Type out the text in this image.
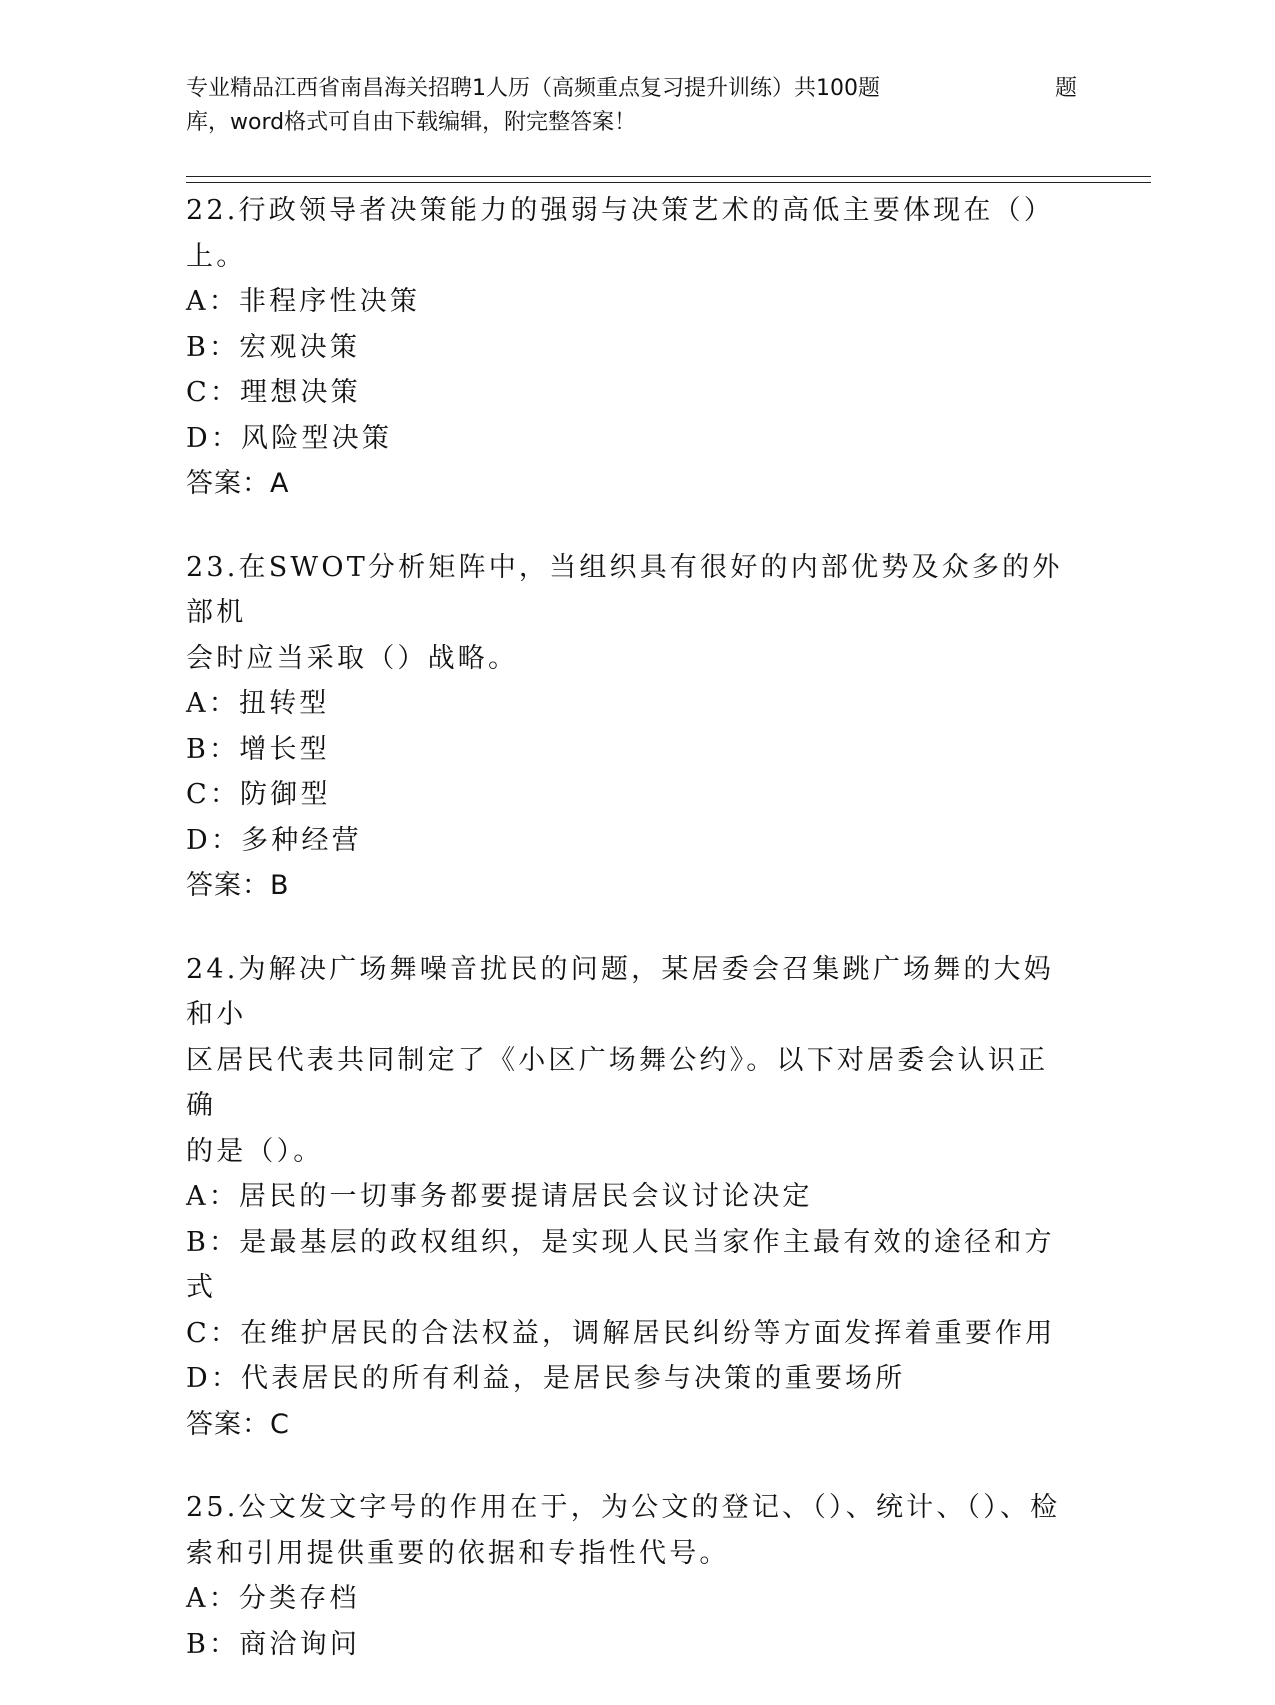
专业精品江西省南昌海关招聘1人历（高频重点复习提升训练）共100题
库，word格式可自由下载编辑，附完整答案！
题
22.行政领导者决策能力的强弱与决策艺术的高低主要体现在（）上。
A：非程序性决策
B：宏观决策
C：理想决策
D：风险型决策
答案：A
23.在SWOT分析矩阵中，当组织具有很好的内部优势及众多的外部机
会时应当采取（）战略。
A：扭转型
B：增长型
C：防御型
D：多种经营
答案：B
24.为解决广场舞噪音扰民的问题，某居委会召集跳广场舞的大妈和小
区居民代表共同制定了《小区广场舞公约》。以下对居委会认识正确
的是（）。
A：居民的一切事务都要提请居民会议讨论决定
B：是最基层的政权组织，是实现人民当家作主最有效的途径和方式
C：在维护居民的合法权益，调解居民纠纷等方面发挥着重要作用
D：代表居民的所有利益，是居民参与决策的重要场所
答案：C
25.公文发文字号的作用在于，为公文的登记、（）、统计、（）、检
索和引用提供重要的依据和专指性代号。
A：分类存档
B：商洽询问
